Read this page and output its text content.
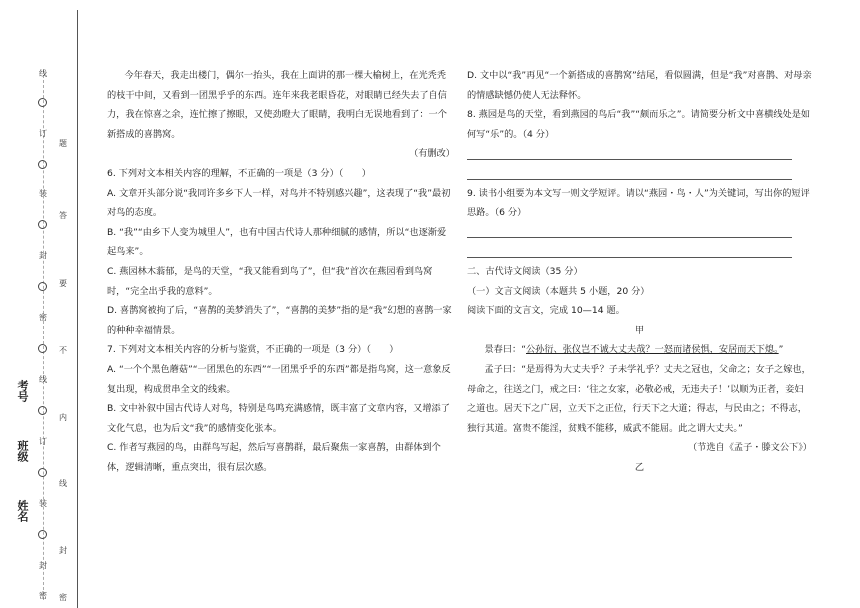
线
订
装
封
密
线
订
装
封
密
姓名
班级
考号
题
答
要
不
内
线
封
密

今年春天，我走出楼门，偶尔一抬头，我在上面讲的那一棵大榆树上，在光秃秃的枝干中间，又看到一团黑乎乎的东西。连年来我老眼昏花，对眼睛已经失去了自信力，我在惊喜之余，连忙擦了擦眼，又使劲瞪大了眼睛，我明白无误地看到了：一个新搭成的喜鹊窝。

（有删改）

6. 下列对文本相关内容的理解，不正确的一项是（3 分）（　　）

A. 文章开头部分说“我同许多乡下人一样，对鸟并不特别感兴趣”，这表现了“我”最初对鸟的态度。

B. “我”“由乡下人变为城里人”，也有中国古代诗人那种细腻的感情，所以“也逐渐爱起鸟来”。

C. 燕园林木蓊郁，是鸟的天堂，“我又能看到鸟了”，但“我”首次在燕园看到鸟窝时，“完全出乎我的意料”。

D. 喜鹊窝被拘了后，“喜鹊的美梦消失了”，“喜鹊的美梦”指的是“我”幻想的喜鹊一家的种种幸福情景。

7. 下列对文本相关内容的分析与鉴赏，不正确的一项是（3 分）（　　）

A. “一个个黑色蘑菇”“一团黑色的东西”“一团黑乎乎的东西”都是指鸟窝，这一意象反复出现，构成贯串全文的线索。

B. 文中补叙中国古代诗人对鸟，特别是鸟鸣充满感情，既丰富了文章内容，又增添了文化气息，也为后文“我”的感情变化张本。

C. 作者写燕园的鸟，由群鸟写起，然后写喜鹊群，最后聚焦一家喜鹊，由群体到个体，逻辑清晰，重点突出，很有层次感。

D. 文中以“我”再见“一个新搭成的喜鹊窝”结尾，看似圆满，但是“我”对喜鹊、对母亲的情感缺憾仍使人无法释怀。

8. 燕园是鸟的天堂，看到燕园的鸟后“我”“颇而乐之”。请简要分析文中喜横线处是如何写“乐”的。（4 分）

9. 读书小组要为本文写一则文学短评。请以“燕园・鸟・人”为关键词，写出你的短评思路。（6 分）

二、古代诗文阅读（35 分）

（一）文言文阅读（本题共 5 小题，20 分）

阅读下面的文言文，完成 10—14 题。

甲

景春曰：“公孙衍、张仪岂不诚大丈夫哉？一怒而诸侯惧，安居而天下熄。”

孟子曰：“是焉得为大丈夫乎？子未学礼乎？丈夫之冠也，父命之；女子之嫁也，母命之，往送之门，戒之曰：‘往之女家，必敬必戒，无违夫子！’以顺为正者，妾妇之道也。居天下之广居，立天下之正位，行天下之大道；得志，与民由之；不得志，独行其道。富贵不能淫，贫贱不能移，威武不能屈。此之谓大丈夫。”

（节选自《孟子・滕文公下》）

乙
